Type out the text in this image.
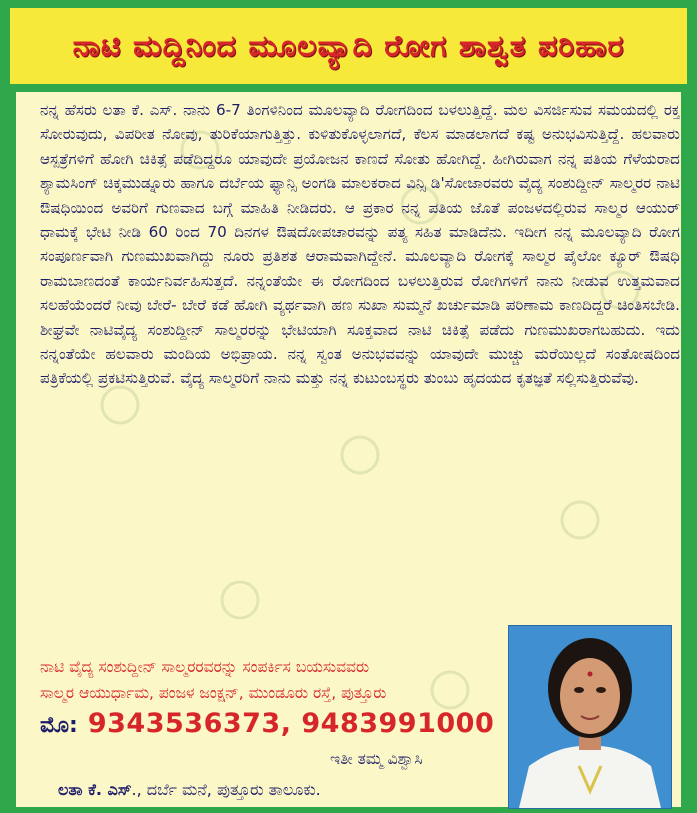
ನಾಟಿ ಮದ್ದಿನಿಂದ ಮೂಲವ್ಯಾದಿ ರೋಗ ಶಾಶ್ವತ ಪರಿಹಾರ

ನನ್ನ ಹೆಸರು ಲತಾ ಕೆ. ಎಸ್. ನಾನು 6-7 ತಿಂಗಳಿನಿಂದ ಮೂಲವ್ಯಾದಿ ರೋಗದಿಂದ ಬಳಲುತ್ತಿದ್ದೆ. ಮಲ ವಿಸರ್ಜಿಸುವ ಸಮಯದಲ್ಲಿ ರಕ್ತ ಸೋರುವುದು, ವಿಪರೀತ ನೋವು, ತುರಿಕೆಯಾಗುತ್ತಿತ್ತು. ಕುಳಿತುಕೊಳ್ಳಲಾಗದೆ, ಕೆಲಸ ಮಾಡಲಾಗದೆ ಕಷ್ಟ ಅನುಭವಿಸುತ್ತಿದ್ದೆ. ಹಲವಾರು ಆಸ್ಪತ್ರೆಗಳಿಗೆ ಹೋಗಿ ಚಿಕಿತ್ಸೆ ಪಡೆದಿದ್ದರೂ ಯಾವುದೇ ಪ್ರಯೋಜನ ಕಾಣದೆ ಸೋತು ಹೋಗಿದ್ದೆ. ಹೀಗಿರುವಾಗ ನನ್ನ ಪತಿಯ ಗೆಳೆಯರಾದ ಶ್ಯಾಮಸಿಂಗ್ ಚಿಕ್ಕಮುಡ್ನೂರು ಹಾಗೂ ದರ್ಬೆಯ ಫ್ಯಾನ್ಸಿ ಅಂಗಡಿ ಮಾಲಕರಾದ ವಿನ್ಸಿ ಡಿ'ಸೋಜಾರವರು ವೈದ್ಯ ಸಂಶುದ್ದೀನ್ ಸಾಲ್ಮರರ ನಾಟಿ ಔಷಧಿಯಿಂದ ಅವರಿಗೆ ಗುಣವಾದ ಬಗ್ಗೆ ಮಾಹಿತಿ ನೀಡಿದರು. ಆ ಪ್ರಕಾರ ನನ್ನ ಪತಿಯ ಜೊತೆ ಪಂಜಳದಲ್ಲಿರುವ ಸಾಲ್ಮರ ಆಯುರ್ ಧಾಮಕ್ಕೆ ಭೇಟಿ ನೀಡಿ 60 ರಿಂದ 70 ದಿನಗಳ ಔಷದೋಪಚಾರವನ್ನು ಪತ್ಯ ಸಹಿತ ಮಾಡಿದೆನು. ಇದೀಗ ನನ್ನ ಮೂಲವ್ಯಾದಿ ರೋಗ ಸಂಪೂರ್ಣವಾಗಿ ಗುಣಮುಖವಾಗಿದ್ದು ನೂರು ಪ್ರತಿಶತ ಆರಾಮವಾಗಿದ್ದೇನೆ. ಮೂಲವ್ಯಾದಿ ರೋಗಕ್ಕೆ ಸಾಲ್ಮರ ಪೈಲೋ ಕ್ಯೂರ್ ಔಷಧಿ ರಾಮಬಾಣದಂತೆ ಕಾರ್ಯನಿರ್ವಹಿಸುತ್ತದೆ. ನನ್ನಂತೆಯೇ ಈ ರೋಗದಿಂದ ಬಳಲುತ್ತಿರುವ ರೋಗಿಗಳಿಗೆ ನಾನು ನೀಡುವ ಉತ್ತಮವಾದ ಸಲಹೆಯೆಂದರೆ ನೀವು ಬೇರೆ- ಬೇರೆ ಕಡೆ ಹೋಗಿ ವ್ಯರ್ಥವಾಗಿ ಹಣ ಸುಖಾ ಸುಮ್ಮನೆ ಖರ್ಚುಮಾಡಿ ಪರಿಣಾಮ ಕಾಣದಿದ್ದರೆ ಚಿಂತಿಸಬೇಡಿ. ಶೀಘ್ರವೇ ನಾಟಿವೈದ್ಯ ಸಂಶುದ್ದೀನ್ ಸಾಲ್ಮರರನ್ನು ಭೇಟಿಯಾಗಿ ಸೂಕ್ತವಾದ ನಾಟಿ ಚಿಕಿತ್ಸೆ ಪಡೆದು ಗುಣಮುಖರಾಗಬಹುದು. ಇದು ನನ್ನಂತೆಯೇ ಹಲವಾರು ಮಂದಿಯ ಅಭಿಪ್ರಾಯ. ನನ್ನ ಸ್ವಂತ ಅನುಭವವನ್ನು ಯಾವುದೇ ಮುಚ್ಚು ಮರೆಯಿಲ್ಲದೆ ಸಂತೋಷದಿಂದ ಪತ್ರಿಕೆಯಲ್ಲಿ ಪ್ರಕಟಿಸುತ್ತಿರುವೆ. ವೈದ್ಯ ಸಾಲ್ಮರರಿಗೆ ನಾನು ಮತ್ತು ನನ್ನ ಕುಟುಂಬಸ್ಥರು ತುಂಬು ಹೃದಯದ ಕೃತಜ್ಞತೆ ಸಲ್ಲಿಸುತ್ತಿರುವೆವು.

ನಾಟಿ ವೈದ್ಯ ಸಂಶುದ್ದೀನ್ ಸಾಲ್ಮರರವರನ್ನು ಸಂಪರ್ಕಿಸ ಬಯಸುವವರು
ಸಾಲ್ಮರ ಆಯುರ್ಧಾಮ, ಪಂಜಳ ಜಂಕ್ಷನ್, ಮುಂಡೂರು ರಸ್ತೆ, ಪುತ್ತೂರು
ಮೊ: 9343536373, 9483991000
ಇತೀ ತಮ್ಮ ವಿಶ್ವಾಸಿ
ಲತಾ ಕೆ. ಎಸ್., ದರ್ಬೆ ಮನೆ, ಪುತ್ತೂರು ತಾಲೂಕು.
